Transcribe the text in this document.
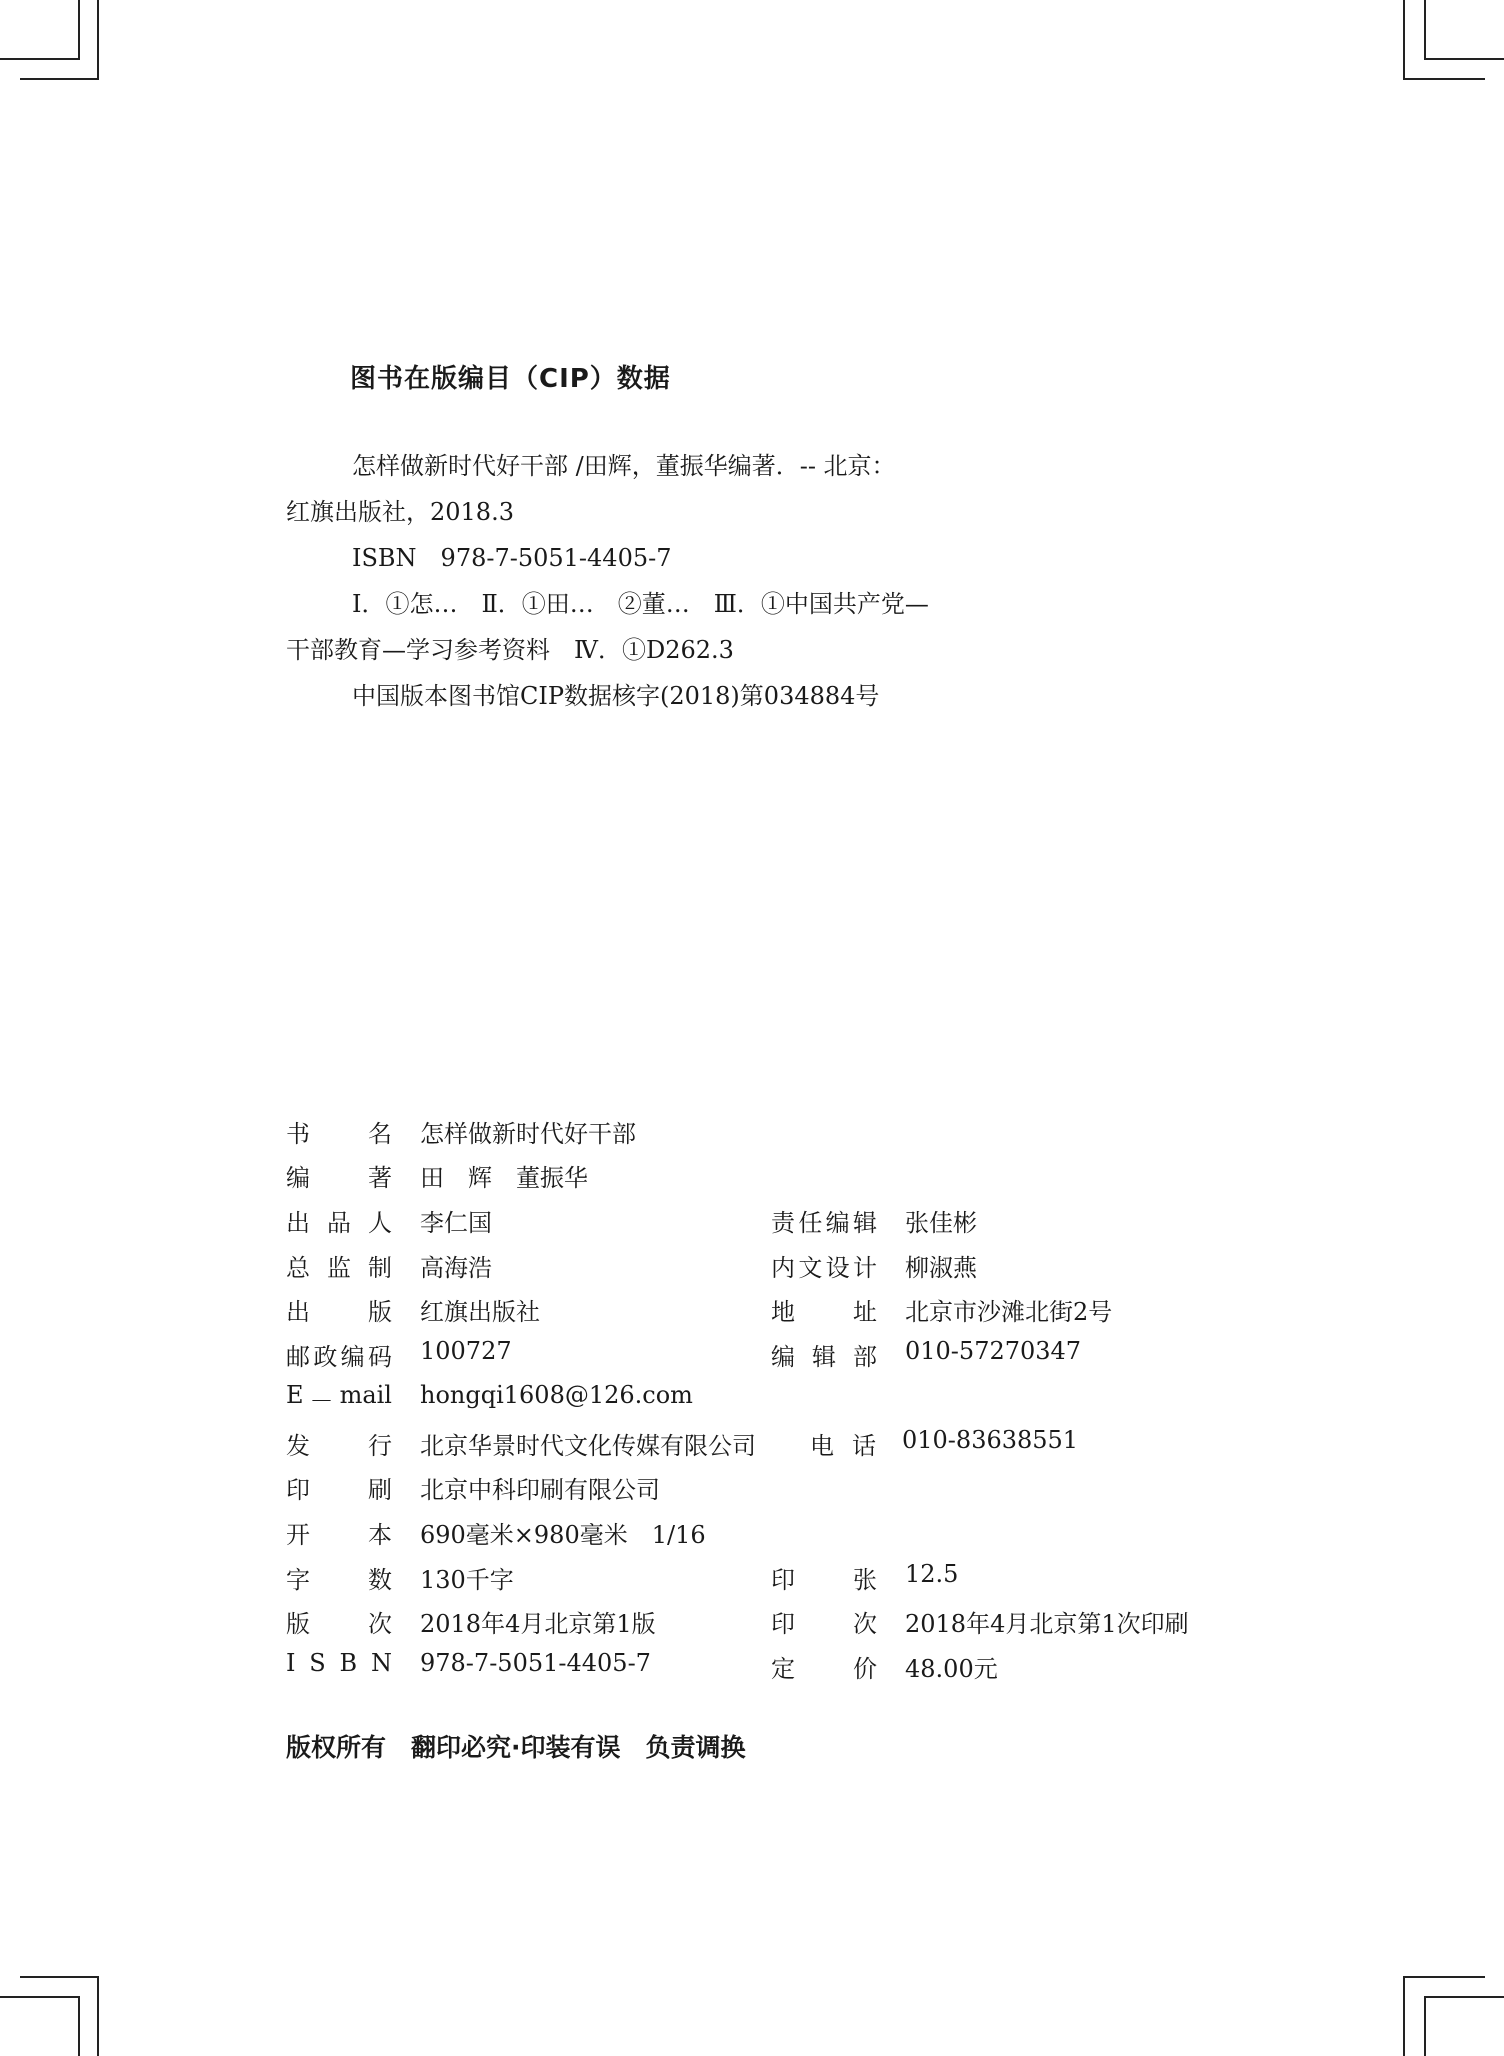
图书在版编目（CIP）数据
怎样做新时代好干部 /田辉，董振华编著．-- 北京：
红旗出版社，2018.3
ISBN　978-7-5051-4405-7
Ⅰ．①怎…　Ⅱ．①田…　②董…　Ⅲ．①中国共产党—
干部教育—学习参考资料　Ⅳ．①D262.3
中国版本图书馆CIP数据核字(2018)第034884号
书 名 怎样做新时代好干部
编 著 田　辉　董振华
出 品 人 李仁国	责 任 编 辑 张佳彬
总 监 制 高海浩	内 文 设 计 柳淑燕
出 版 红旗出版社	地 址 北京市沙滩北街2号
邮 政 编 码 100727	编 辑 部 010-57270347
E － mail hongqi1608@126.com
发 行 北京华景时代文化传媒有限公司 电 话 010-83638551
印 刷 北京中科印刷有限公司
开 本 690毫米×980毫米　1/16
字 数 130千字	印 张 12.5
版 次 2018年4月北京第1版	印 次 2018年4月北京第1次印刷
I S B N 978-7-5051-4405-7	定 价 48.00元
版权所有　翻印必究·印装有误　负责调换
